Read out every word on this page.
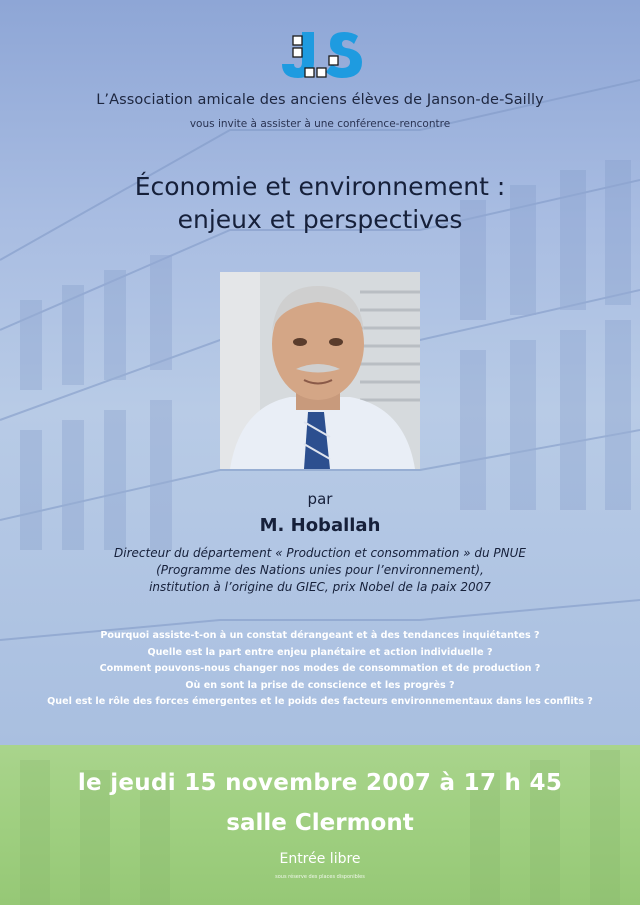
L’Association amicale des anciens élèves de Janson-de-Sailly
vous invite à assister à une conférence-rencontre
Économie et environnement :
enjeux et perspectives
par
M. Hoballah
Directeur du département « Production et consommation » du PNUE
(Programme des Nations unies pour l’environnement),
institution à l’origine du GIEC, prix Nobel de la paix 2007
Pourquoi assiste-t-on à un constat dérangeant et à des tendances inquiétantes ?
Quelle est la part entre enjeu planétaire et action individuelle ?
Comment pouvons-nous changer nos modes de consommation et de production ?
Où en sont la prise de conscience et les progrès ?
Quel est le rôle des forces émergentes et le poids des facteurs environnementaux dans les conflits ?
le jeudi 15 novembre 2007 à 17 h 45
salle Clermont
Entrée libre
sous réserve des places disponibles
